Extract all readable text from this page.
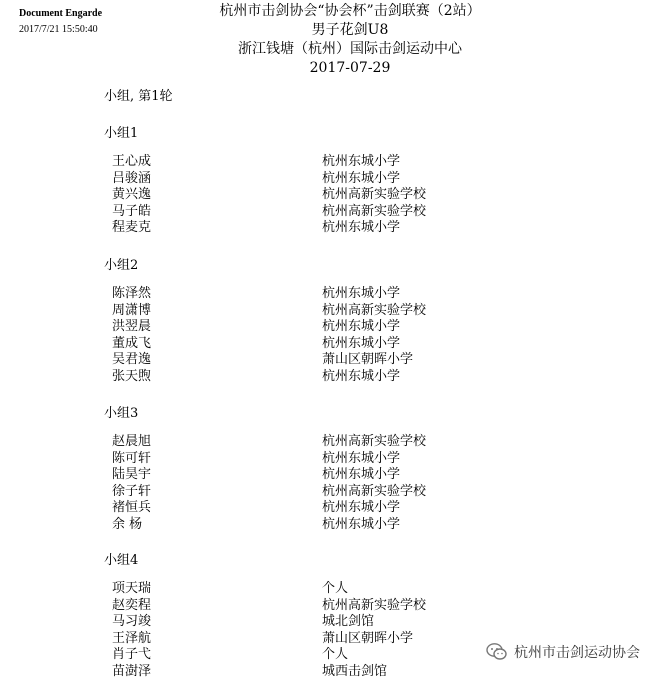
Document Engarde
2017/7/21 15:50:40
杭州市击剑协会“协会杯”击剑联赛（2站）
男子花剑U8
浙江钱塘（杭州）国际击剑运动中心
2017-07-29
小组, 第1轮
小组1
王心成	杭州东城小学
吕骏涵	杭州东城小学
黄兴逸	杭州高新实验学校
马子皓	杭州高新实验学校
程麦克	杭州东城小学
小组2
陈泽然	杭州东城小学
周潇博	杭州高新实验学校
洪翌晨	杭州东城小学
董成飞	杭州东城小学
吴君逸	萧山区朝晖小学
张天煦	杭州东城小学
小组3
赵晨旭	杭州高新实验学校
陈可轩	杭州东城小学
陆昊宇	杭州东城小学
徐子轩	杭州高新实验学校
褚恒兵	杭州东城小学
余 杨	杭州东城小学
小组4
项天瑞	个人
赵奕程	杭州高新实验学校
马习竣	城北剑馆
王泽航	萧山区朝晖小学
肖子弋	个人
苗澍泽	城西击剑馆
杭州市击剑运动协会
